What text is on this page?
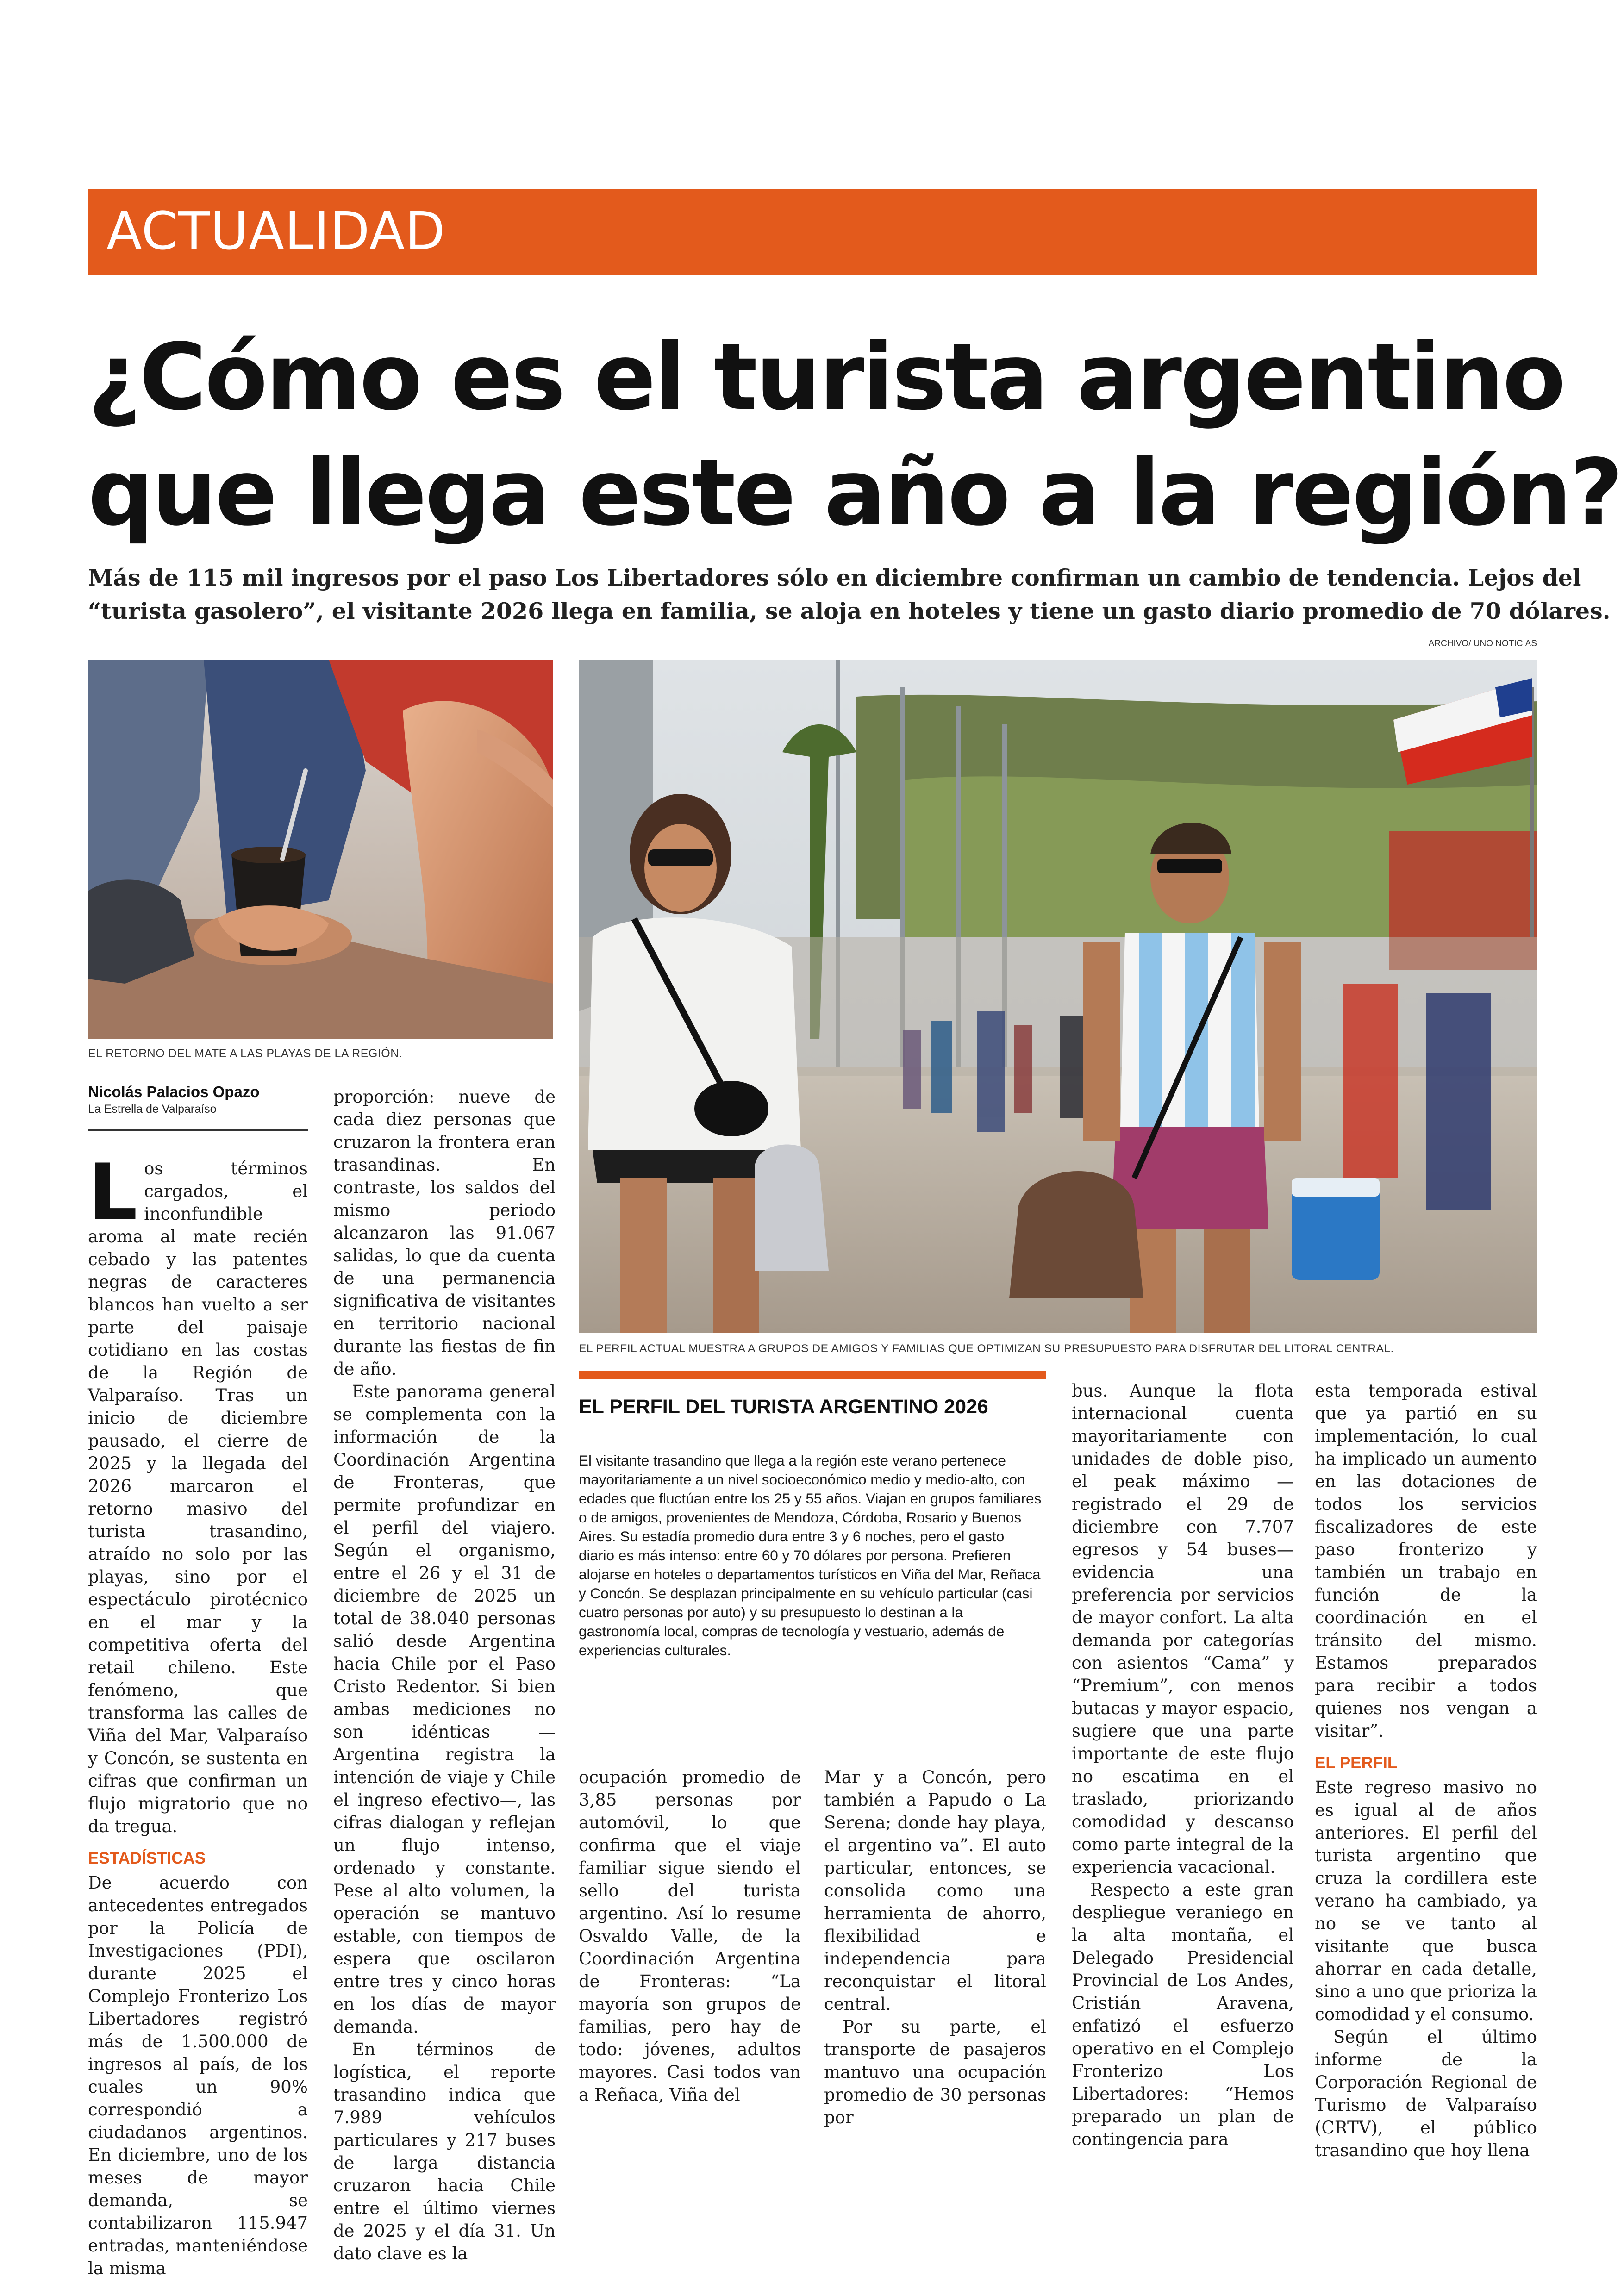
ACTUALIDAD
¿Cómo es el turista argentino
que llega este año a la región?
Más de 115 mil ingresos por el paso Los Libertadores sólo en diciembre confirman un cambio de tendencia. Lejos del
“turista gasolero”, el visitante 2026 llega en familia, se aloja en hoteles y tiene un gasto diario promedio de 70 dólares.
ARCHIVO/ UNO NOTICIAS
EL RETORNO DEL MATE A LAS PLAYAS DE LA REGIÓN.
EL PERFIL ACTUAL MUESTRA A GRUPOS DE AMIGOS Y FAMILIAS QUE OPTIMIZAN SU PRESUPUESTO PARA DISFRUTAR DEL LITORAL CENTRAL.
Nicolás Palacios Opazo
La Estrella de Valparaíso

Los términos cargados, el inconfundible aroma al mate recién cebado y las patentes negras de caracteres blancos han vuelto a ser parte del paisaje cotidiano en las costas de la Región de Valparaíso. Tras un inicio de diciembre pausado, el cierre de 2025 y la llegada del 2026 marcaron el retorno masivo del turista trasandino, atraído no solo por las playas, sino por el espectáculo pirotécnico en el mar y la competitiva oferta del retail chileno. Este fenómeno, que transforma las calles de Viña del Mar, Valparaíso y Concón, se sustenta en cifras que confirman un flujo migratorio que no da tregua.

ESTADÍSTICAS

De acuerdo con antecedentes entregados por la Policía de Investigaciones (PDI), durante 2025 el Complejo Fronterizo Los Libertadores registró más de 1.500.000 de ingresos al país, de los cuales un 90% correspondió a ciudadanos argentinos. En diciembre, uno de los meses de mayor demanda, se contabilizaron 115.947 entradas, manteniéndose la misma

proporción: nueve de cada diez personas que cruzaron la frontera eran trasandinas. En contraste, los saldos del mismo periodo alcanzaron las 91.067 salidas, lo que da cuenta de una permanencia significativa de visitantes en territorio nacional durante las fiestas de fin de año.

Este panorama general se complementa con la información de la Coordinación Argentina de Fronteras, que permite profundizar en el perfil del viajero. Según el organismo, entre el 26 y el 31 de diciembre de 2025 un total de 38.040 personas salió desde Argentina hacia Chile por el Paso Cristo Redentor. Si bien ambas mediciones no son idénticas —Argentina registra la intención de viaje y Chile el ingreso efectivo—, las cifras dialogan y reflejan un flujo intenso, ordenado y constante. Pese al alto volumen, la operación se mantuvo estable, con tiempos de espera que oscilaron entre tres y cinco horas en los días de mayor demanda.

En términos de logística, el reporte trasandino indica que 7.989 vehículos particulares y 217 buses de larga distancia cruzaron hacia Chile entre el último viernes de 2025 y el día 31. Un dato clave es la

EL PERFIL DEL TURISTA ARGENTINO 2026

El visitante trasandino que llega a la región este verano pertenece mayoritariamente a un nivel socioeconómico medio y medio-alto, con edades que fluctúan entre los 25 y 55 años. Viajan en grupos familiares o de amigos, provenientes de Mendoza, Córdoba, Rosario y Buenos Aires. Su estadía promedio dura entre 3 y 6 noches, pero el gasto diario es más intenso: entre 60 y 70 dólares por persona. Prefieren alojarse en hoteles o departamentos turísticos en Viña del Mar, Reñaca y Concón. Se desplazan principalmente en su vehículo particular (casi cuatro personas por auto) y su presupuesto lo destinan a la gastronomía local, compras de tecnología y vestuario, además de experiencias culturales.

ocupación promedio de 3,85 personas por automóvil, lo que confirma que el viaje familiar sigue siendo el sello del turista argentino. Así lo resume Osvaldo Valle, de la Coordinación Argentina de Fronteras: “La mayoría son grupos de familias, pero hay de todo: jóvenes, adultos mayores. Casi todos van a Reñaca, Viña del

Mar y a Concón, pero también a Papudo o La Serena; donde hay playa, el argentino va”. El auto particular, entonces, se consolida como una herramienta de ahorro, flexibilidad e independencia para reconquistar el litoral central.

Por su parte, el transporte de pasajeros mantuvo una ocupación promedio de 30 personas por

bus. Aunque la flota internacional cuenta mayoritariamente con unidades de doble piso, el peak máximo —registrado el 29 de diciembre con 7.707 egresos y 54 buses— evidencia una preferencia por servicios de mayor confort. La alta demanda por categorías con asientos “Cama” y “Premium”, con menos butacas y mayor espacio, sugiere que una parte importante de este flujo no escatima en el traslado, priorizando comodidad y descanso como parte integral de la experiencia vacacional.

Respecto a este gran despliegue veraniego en la alta montaña, el Delegado Presidencial Provincial de Los Andes, Cristián Aravena, enfatizó el esfuerzo operativo en el Complejo Fronterizo Los Libertadores: “Hemos preparado un plan de contingencia para

esta temporada estival que ya partió en su implementación, lo cual ha implicado un aumento en las dotaciones de todos los servicios fiscalizadores de este paso fronterizo y también un trabajo en función de la coordinación en el tránsito del mismo. Estamos preparados para recibir a todos quienes nos vengan a visitar”.

EL PERFIL

Este regreso masivo no es igual al de años anteriores. El perfil del turista argentino que cruza la cordillera este verano ha cambiado, ya no se ve tanto al visitante que busca ahorrar en cada detalle, sino a uno que prioriza la comodidad y el consumo.

Según el último informe de la Corporación Regional de Turismo de Valparaíso (CRTV), el público trasandino que hoy llena
